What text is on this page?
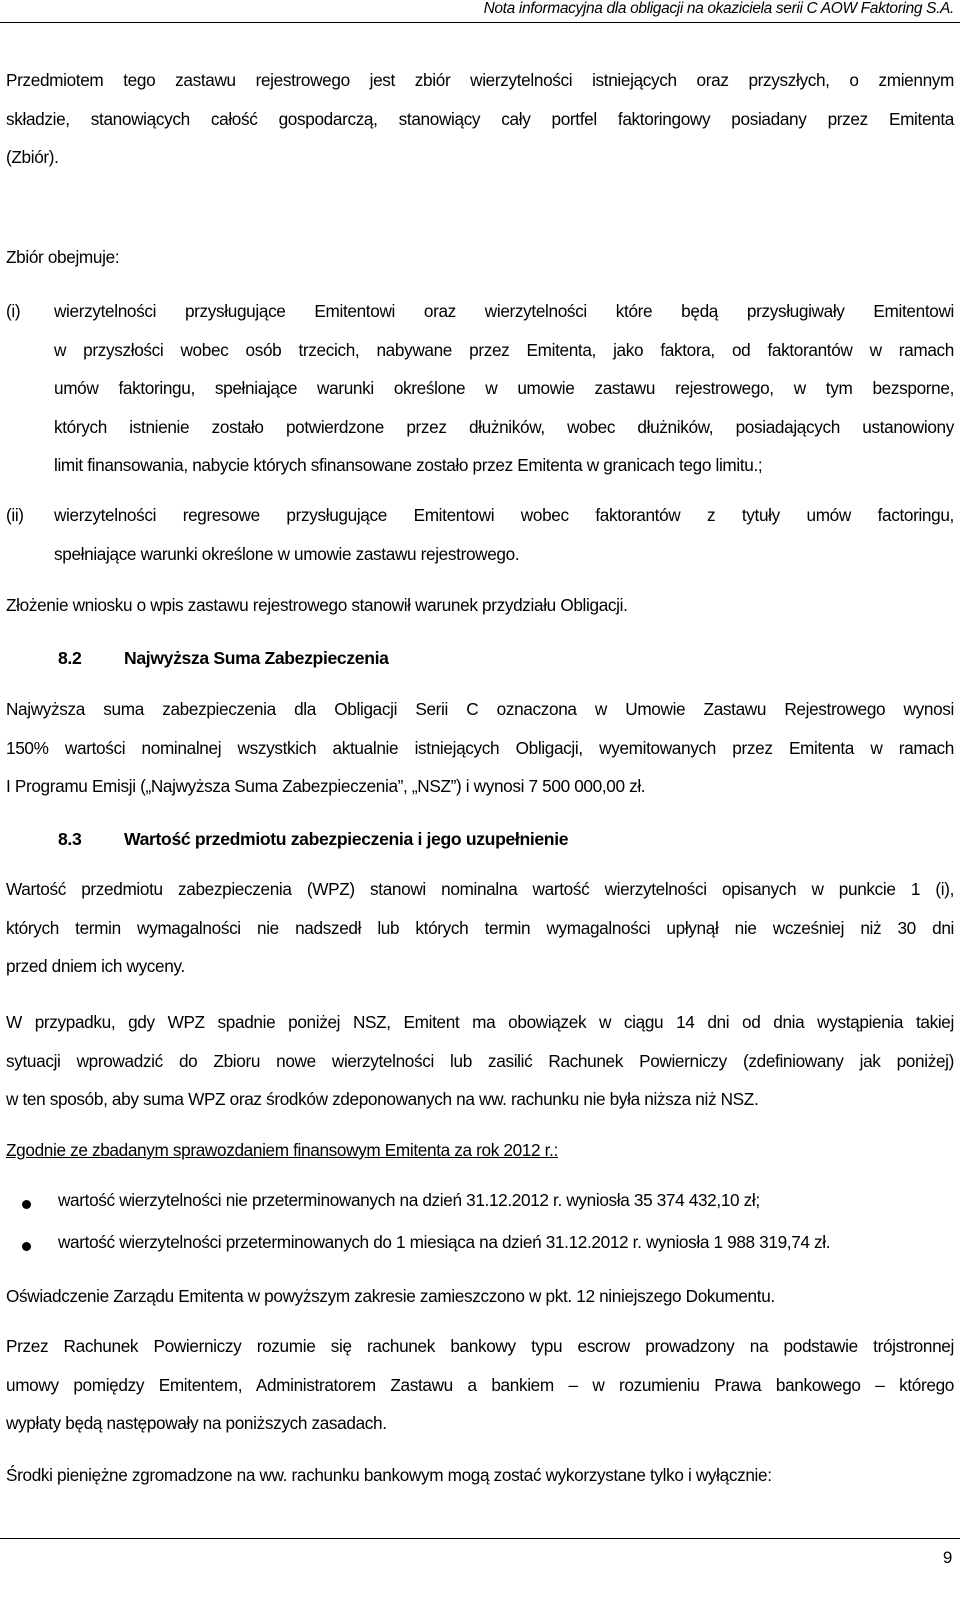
Nota informacyjna dla obligacji na okaziciela serii C AOW Faktoring S.A.
Przedmiotem tego zastawu rejestrowego jest zbiór wierzytelności istniejących oraz przyszłych, o zmiennym
składzie, stanowiących całość gospodarczą, stanowiący cały portfel faktoringowy posiadany przez Emitenta
(Zbiór).
Zbiór obejmuje:
(i) wierzytelności przysługujące Emitentowi oraz wierzytelności które będą przysługiwały Emitentowi
w przyszłości wobec osób trzecich, nabywane przez Emitenta, jako faktora, od faktorantów w ramach
umów faktoringu, spełniające warunki określone w umowie zastawu rejestrowego, w tym bezsporne,
których istnienie zostało potwierdzone przez dłużników, wobec dłużników, posiadających ustanowiony
limit finansowania, nabycie których sfinansowane zostało przez Emitenta w granicach tego limitu.;
(ii) wierzytelności regresowe przysługujące Emitentowi wobec faktorantów z tytuły umów factoringu,
spełniające warunki określone w umowie zastawu rejestrowego.
Złożenie wniosku o wpis zastawu rejestrowego stanowił warunek przydziału Obligacji.
8.2 Najwyższa Suma Zabezpieczenia
Najwyższa suma zabezpieczenia dla Obligacji Serii C oznaczona w Umowie Zastawu Rejestrowego wynosi
150% wartości nominalnej wszystkich aktualnie istniejących Obligacji, wyemitowanych przez Emitenta w ramach
I Programu Emisji („Najwyższa Suma Zabezpieczenia”, „NSZ”) i wynosi 7 500 000,00 zł.
8.3 Wartość przedmiotu zabezpieczenia i jego uzupełnienie
Wartość przedmiotu zabezpieczenia (WPZ) stanowi nominalna wartość wierzytelności opisanych w punkcie 1 (i),
których termin wymagalności nie nadszedł lub których termin wymagalności upłynął nie wcześniej niż 30 dni
przed dniem ich wyceny.
W przypadku, gdy WPZ spadnie poniżej NSZ, Emitent ma obowiązek w ciągu 14 dni od dnia wystąpienia takiej
sytuacji wprowadzić do Zbioru nowe wierzytelności lub zasilić Rachunek Powierniczy (zdefiniowany jak poniżej)
w ten sposób, aby suma WPZ oraz środków zdeponowanych na ww. rachunku nie była niższa niż NSZ.
Zgodnie ze zbadanym sprawozdaniem finansowym Emitenta za rok 2012 r.:
wartość wierzytelności nie przeterminowanych na dzień 31.12.2012 r. wyniosła 35 374 432,10 zł;
wartość wierzytelności przeterminowanych do 1 miesiąca na dzień 31.12.2012 r. wyniosła 1 988 319,74 zł.
Oświadczenie Zarządu Emitenta w powyższym zakresie zamieszczono w pkt. 12 niniejszego Dokumentu.
Przez Rachunek Powierniczy rozumie się rachunek bankowy typu escrow prowadzony na podstawie trójstronnej
umowy pomiędzy Emitentem, Administratorem Zastawu a bankiem – w rozumieniu Prawa bankowego – którego
wypłaty będą następowały na poniższych zasadach.
Środki pieniężne zgromadzone na ww. rachunku bankowym mogą zostać wykorzystane tylko i wyłącznie:
9
